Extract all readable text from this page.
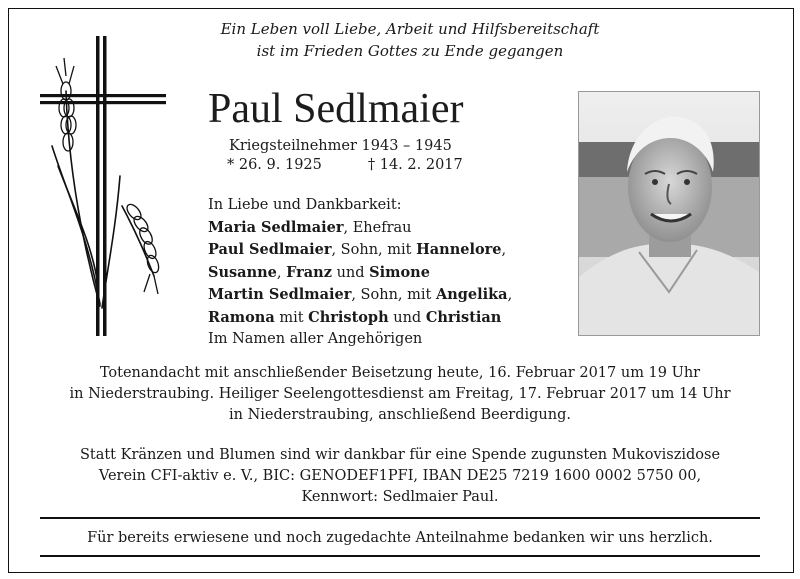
Ein Leben voll Liebe, Arbeit und Hilfsbereitschaft
ist im Frieden Gottes zu Ende gegangen
Paul Sedlmaier
Kriegsteilnehmer 1943 – 1945
* 26. 9. 1925	† 14. 2. 2017
In Liebe und Dankbarkeit:
Maria Sedlmaier, Ehefrau
Paul Sedlmaier, Sohn, mit Hannelore,
Susanne, Franz und Simone
Martin Sedlmaier, Sohn, mit Angelika,
Ramona mit Christoph und Christian
Im Namen aller Angehörigen
Totenandacht mit anschließender Beisetzung heute, 16. Februar 2017 um 19 Uhr
in Niederstraubing. Heiliger Seelengottesdienst am Freitag, 17. Februar 2017 um 14 Uhr
in Niederstraubing, anschließend Beerdigung.
Statt Kränzen und Blumen sind wir dankbar für eine Spende zugunsten Mukoviszidose
Verein CFI-aktiv e. V., BIC: GENODEF1PFI, IBAN DE25 7219 1600 0002 5750 00,
Kennwort: Sedlmaier Paul.
Für bereits erwiesene und noch zugedachte Anteilnahme bedanken wir uns herzlich.
